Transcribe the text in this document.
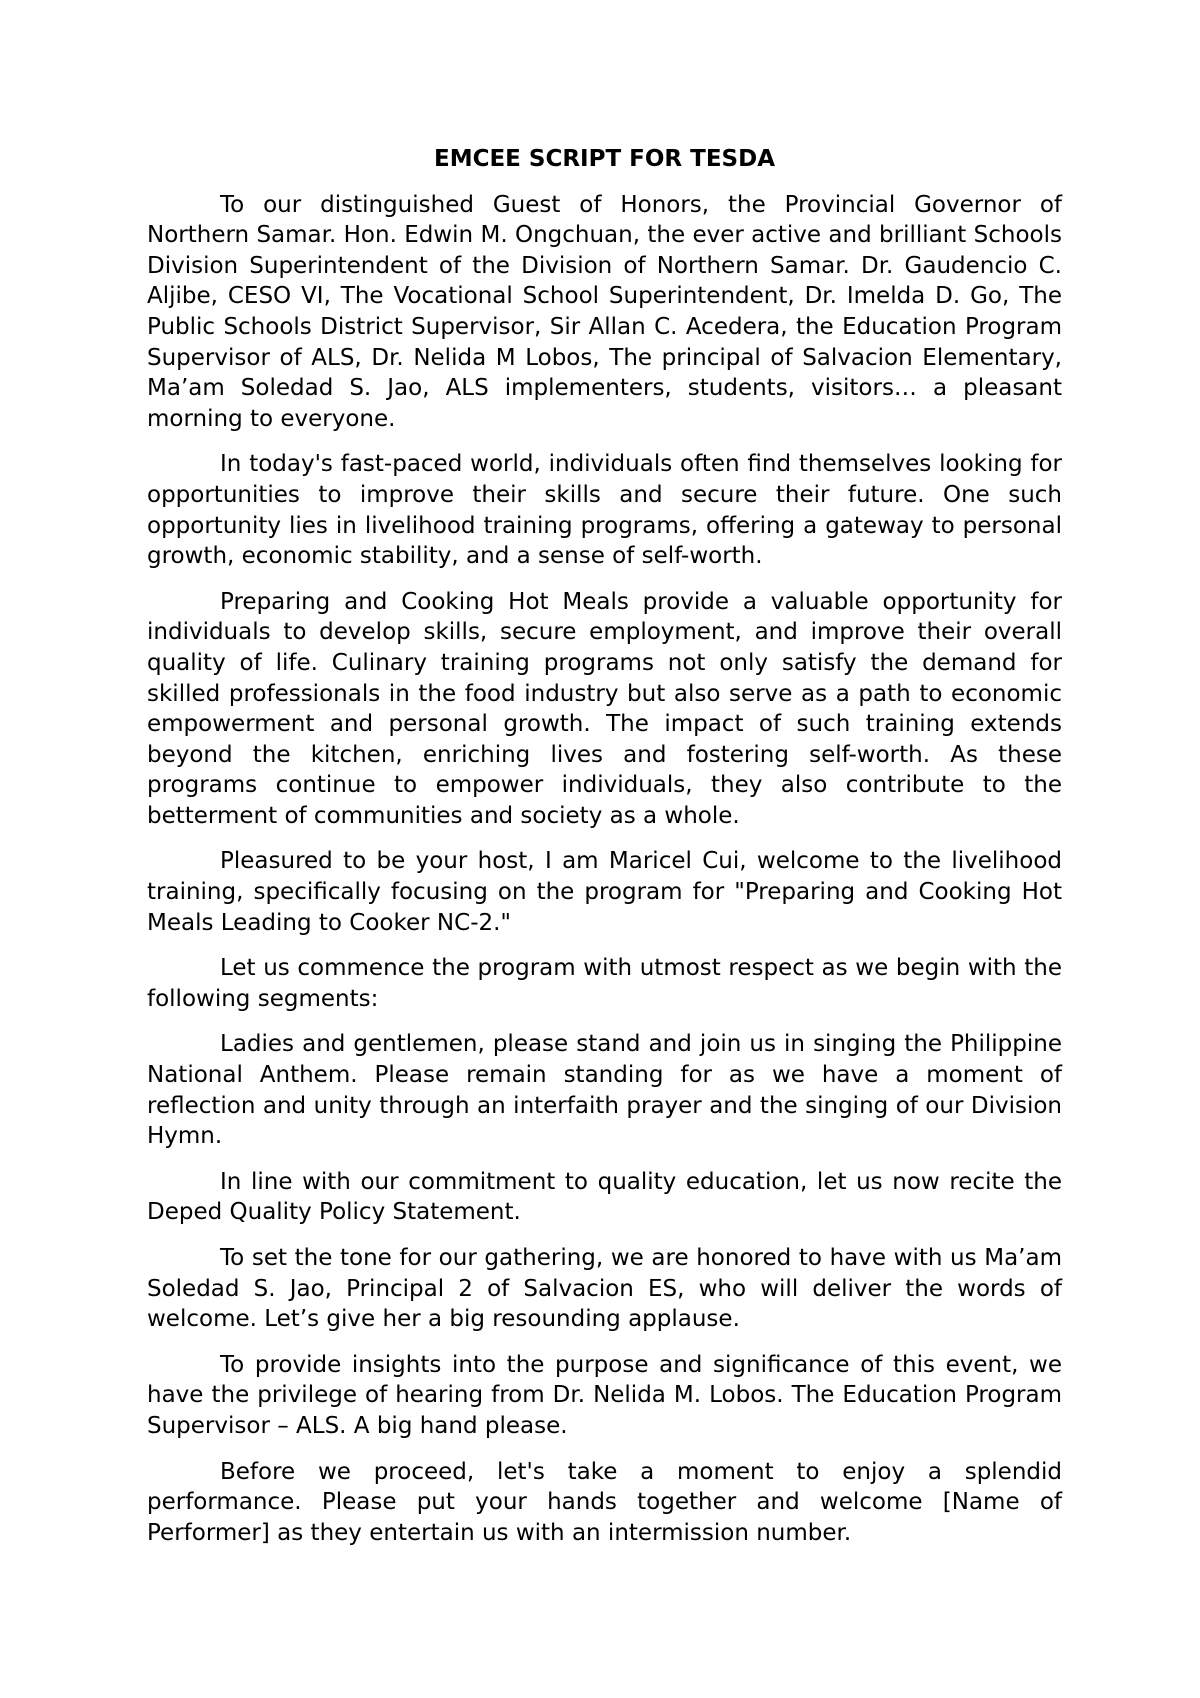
EMCEE SCRIPT FOR TESDA

To our distinguished Guest of Honors, the Provincial Governor of Northern Samar. Hon. Edwin M. Ongchuan, the ever active and brilliant Schools Division Superintendent of the Division of Northern Samar. Dr. Gaudencio C. Aljibe, CESO VI, The Vocational School Superintendent, Dr. Imelda D. Go, The Public Schools District Supervisor, Sir Allan C. Acedera, the Education Program Supervisor of ALS, Dr. Nelida M Lobos, The principal of Salvacion Elementary, Ma’am Soledad S. Jao, ALS implementers, students, visitors… a pleasant morning to everyone.

In today's fast-paced world, individuals often find themselves looking for opportunities to improve their skills and secure their future. One such opportunity lies in livelihood training programs, offering a gateway to personal growth, economic stability, and a sense of self-worth.

Preparing and Cooking Hot Meals provide a valuable opportunity for individuals to develop skills, secure employment, and improve their overall quality of life. Culinary training programs not only satisfy the demand for skilled professionals in the food industry but also serve as a path to economic empowerment and personal growth. The impact of such training extends beyond the kitchen, enriching lives and fostering self-worth. As these programs continue to empower individuals, they also contribute to the betterment of communities and society as a whole.

Pleasured to be your host, I am Maricel Cui, welcome to the livelihood training, specifically focusing on the program for "Preparing and Cooking Hot Meals Leading to Cooker NC-2."

Let us commence the program with utmost respect as we begin with the following segments:

Ladies and gentlemen, please stand and join us in singing the Philippine National Anthem. Please remain standing for as we have a moment of reflection and unity through an interfaith prayer and the singing of our Division Hymn.

In line with our commitment to quality education, let us now recite the Deped Quality Policy Statement.

To set the tone for our gathering, we are honored to have with us Ma’am Soledad S. Jao, Principal 2 of Salvacion ES, who will deliver the words of welcome. Let’s give her a big resounding applause.

To provide insights into the purpose and significance of this event, we have the privilege of hearing from Dr. Nelida M. Lobos. The Education Program Supervisor – ALS. A big hand please.

Before we proceed, let's take a moment to enjoy a splendid performance. Please put your hands together and welcome [Name of Performer] as they entertain us with an intermission number.
